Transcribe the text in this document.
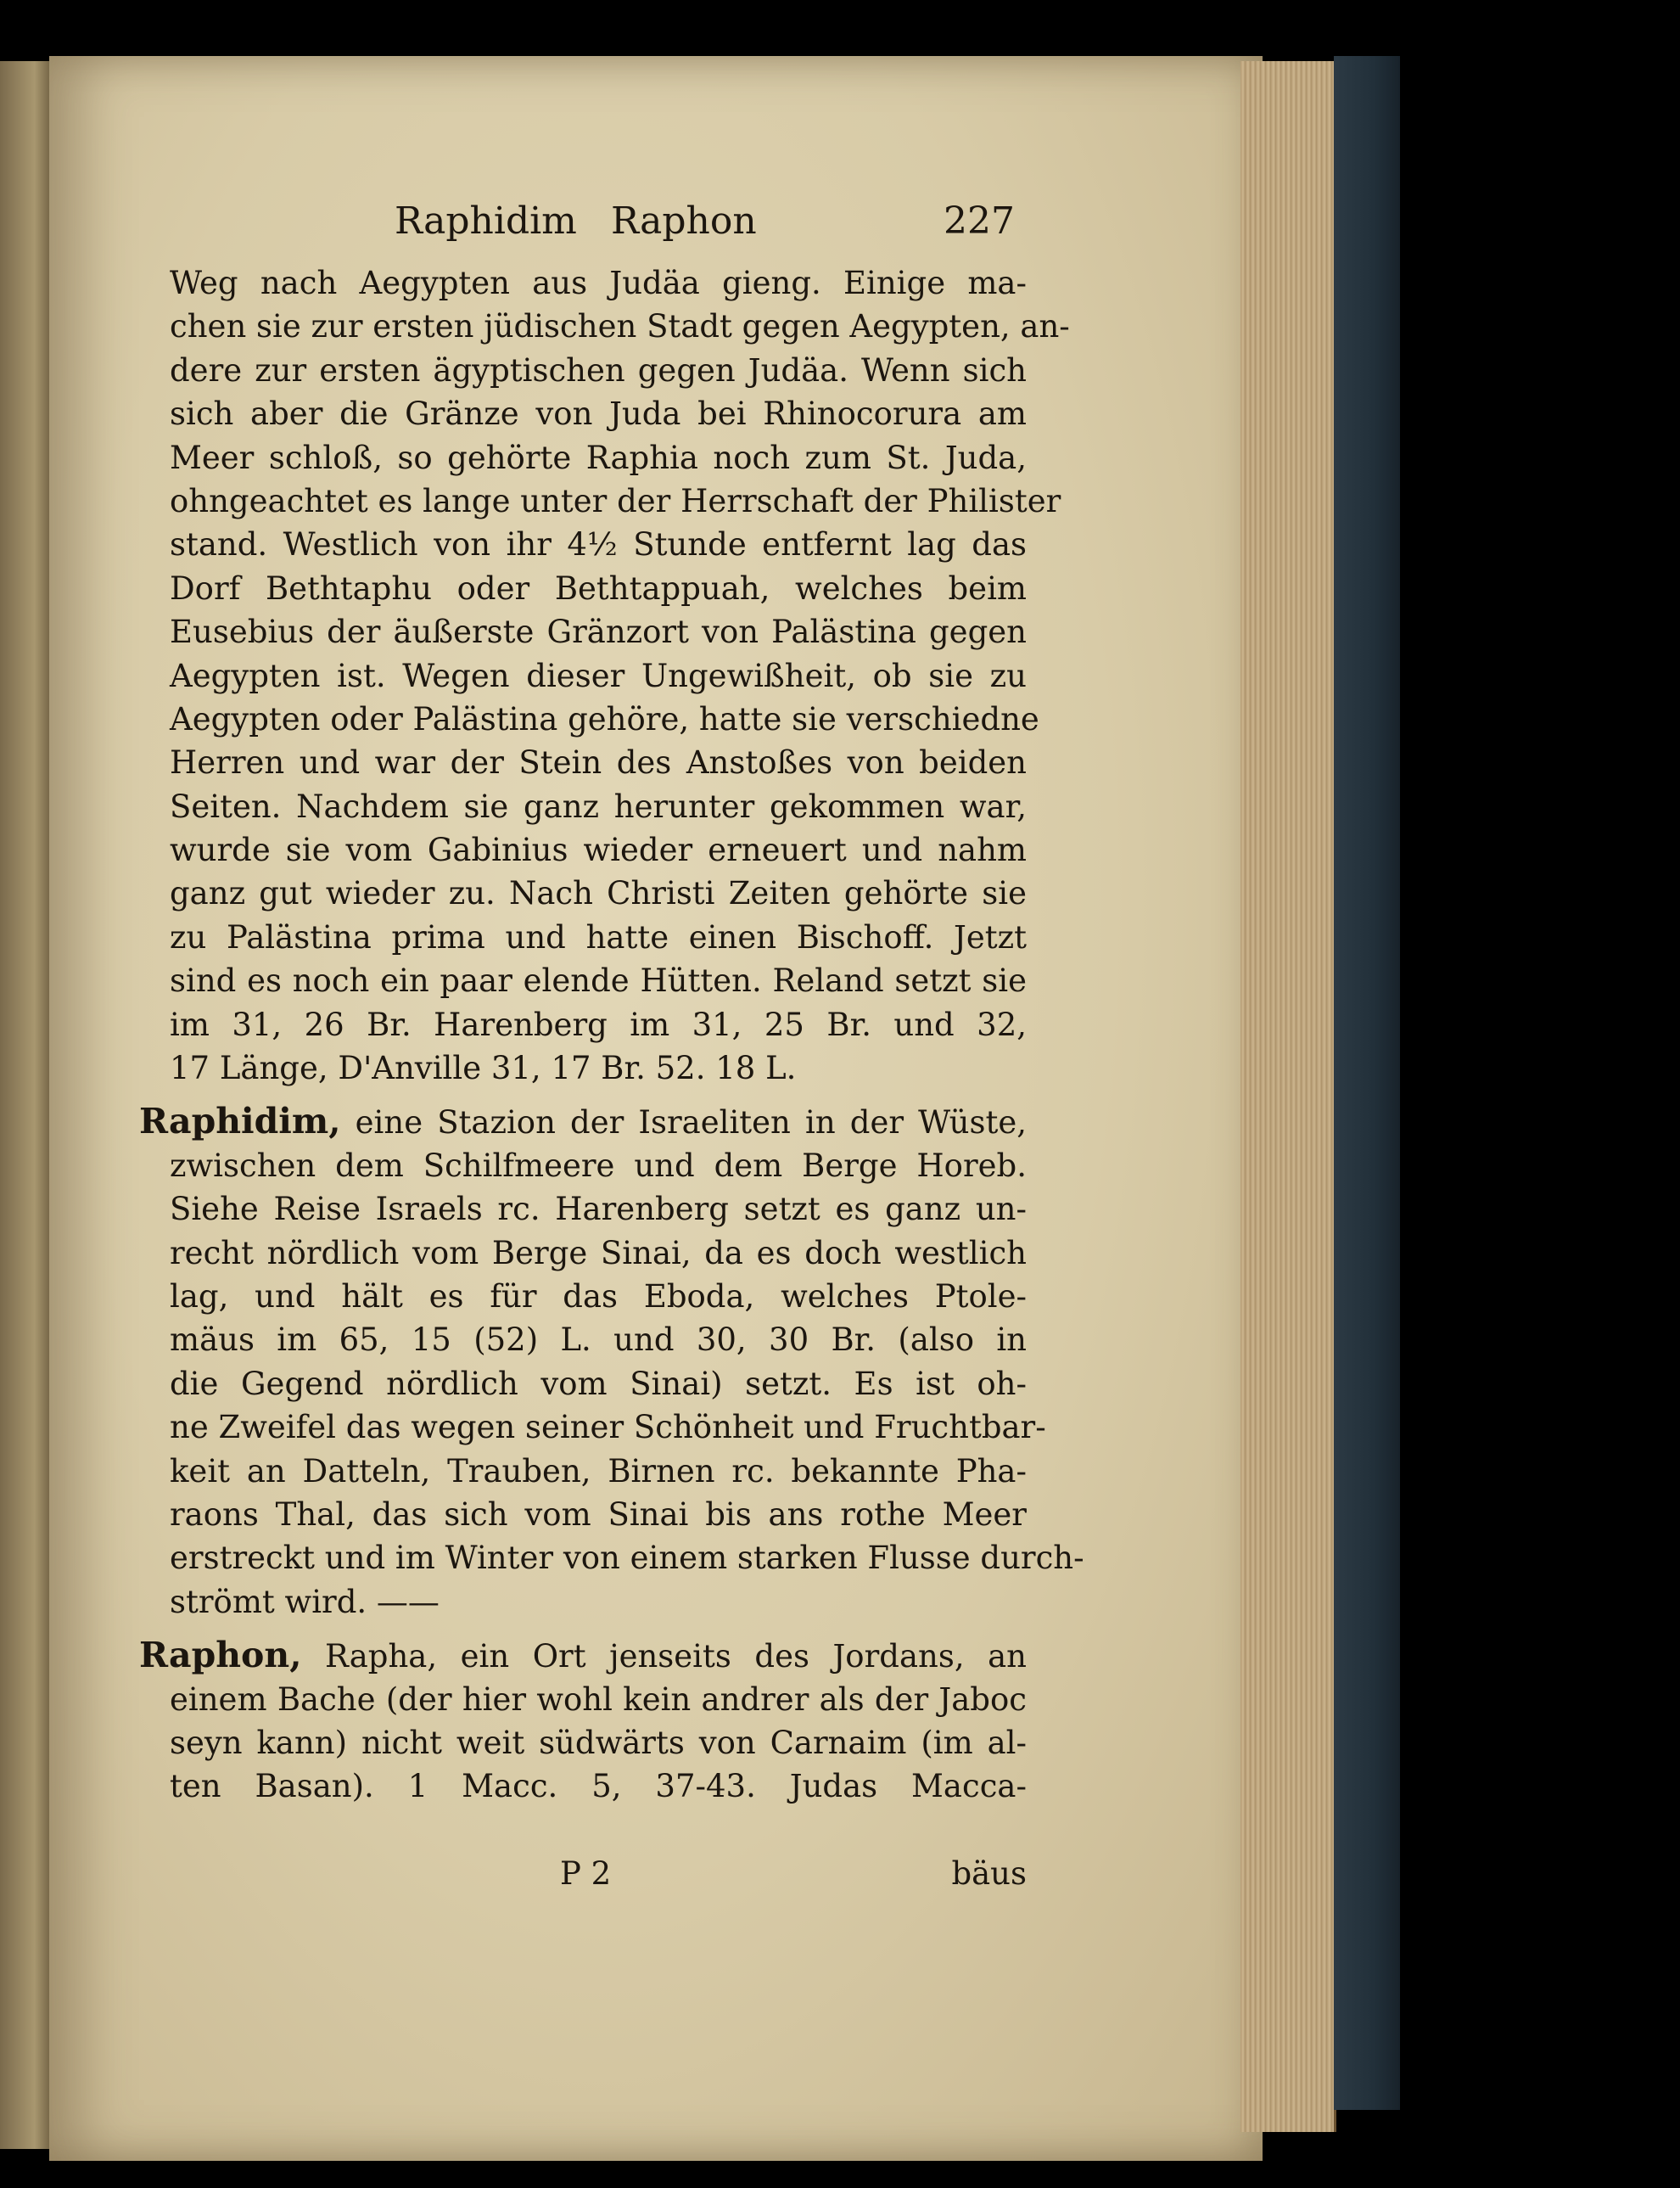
Raphidim Raphon	227
Weg nach Aegypten aus Judäa gieng. Einige ma-
chen sie zur ersten jüdischen Stadt gegen Aegypten, an-
dere zur ersten ägyptischen gegen Judäa. Wenn sich
sich aber die Gränze von Juda bei Rhinocorura am
Meer schloß, so gehörte Raphia noch zum St. Juda,
ohngeachtet es lange unter der Herrschaft der Philister
stand. Westlich von ihr 4½ Stunde entfernt lag das
Dorf Bethtaphu oder Bethtappuah, welches beim
Eusebius der äußerste Gränzort von Palästina gegen
Aegypten ist. Wegen dieser Ungewißheit, ob sie zu
Aegypten oder Palästina gehöre, hatte sie verschiedne
Herren und war der Stein des Anstoßes von beiden
Seiten. Nachdem sie ganz herunter gekommen war,
wurde sie vom Gabinius wieder erneuert und nahm
ganz gut wieder zu. Nach Christi Zeiten gehörte sie
zu Palästina prima und hatte einen Bischoff. Jetzt
sind es noch ein paar elende Hütten. Reland setzt sie
im 31, 26 Br. Harenberg im 31, 25 Br. und 32,
17 Länge, D'Anville 31, 17 Br. 52. 18 L.
Raphidim, eine Stazion der Israeliten in der Wüste,
zwischen dem Schilfmeere und dem Berge Horeb.
Siehe Reise Israels rc. Harenberg setzt es ganz un-
recht nördlich vom Berge Sinai, da es doch westlich
lag, und hält es für das Eboda, welches Ptole-
mäus im 65, 15 (52) L. und 30, 30 Br. (also in
die Gegend nördlich vom Sinai) setzt. Es ist oh-
ne Zweifel das wegen seiner Schönheit und Fruchtbar-
keit an Datteln, Trauben, Birnen rc. bekannte Pha-
raons Thal, das sich vom Sinai bis ans rothe Meer
erstreckt und im Winter von einem starken Flusse durch-
strömt wird. ——
Raphon, Rapha, ein Ort jenseits des Jordans, an
einem Bache (der hier wohl kein andrer als der Jaboc
seyn kann) nicht weit südwärts von Carnaim (im al-
ten Basan). 1 Macc. 5, 37-43. Judas Macca-
P 2	bäus
